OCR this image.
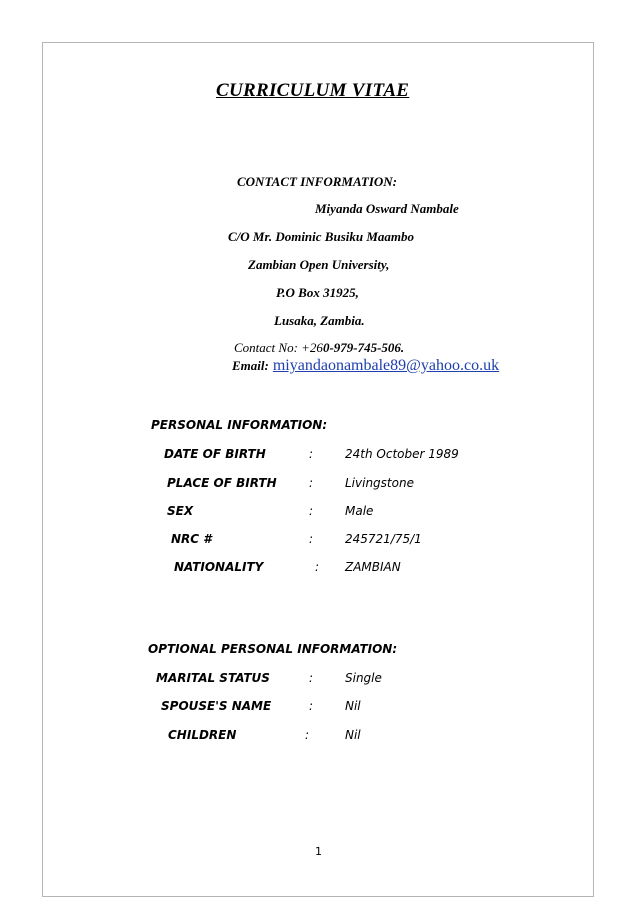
CURRICULUM VITAE
CONTACT INFORMATION:
Miyanda Osward Nambale
C/O Mr. Dominic Busiku Maambo
Zambian Open University,
P.O Box 31925,
Lusaka, Zambia.
Contact No: +260-979-745-506.
Email: miyandaonambale89@yahoo.co.uk
PERSONAL INFORMATION:
DATE OF BIRTH	:	24th October 1989
PLACE OF BIRTH	:	Livingstone
SEX	:	Male
NRC #	:	245721/75/1
NATIONALITY	: ZAMBIAN
OPTIONAL PERSONAL INFORMATION:
MARITAL STATUS	:	Single
SPOUSE'S NAME	:	Nil
CHILDREN	:	Nil
1
